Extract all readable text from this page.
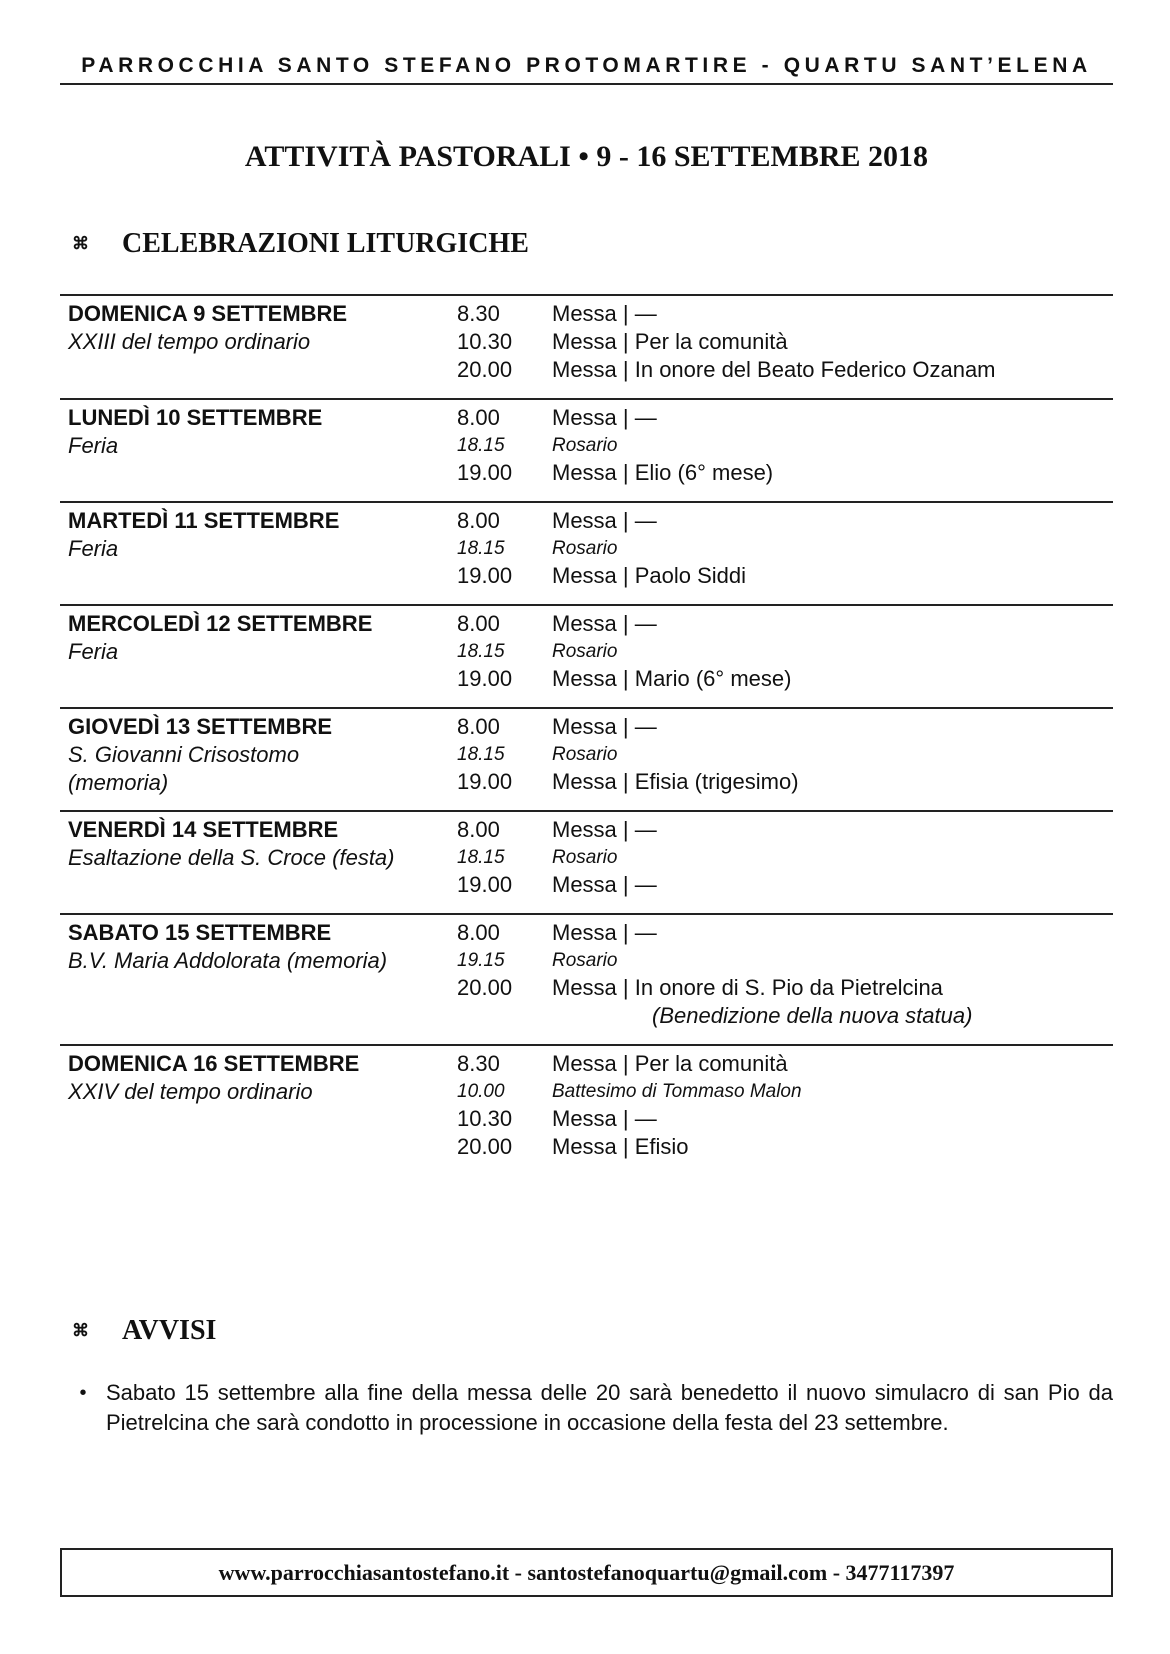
PARROCCHIA SANTO STEFANO PROTOMARTIRE - QUARTU SANT’ELENA
ATTIVITÀ PASTORALI • 9 - 16 SETTEMBRE 2018
⌘ CELEBRAZIONI LITURGICHE
DOMENICA 9 SETTEMBRE
XXIII del tempo ordinario
8.30	Messa | —
10.30	Messa | Per la comunità
20.00	Messa | In onore del Beato Federico Ozanam
LUNEDÌ 10 SETTEMBRE
Feria
8.00	Messa | —
18.15	Rosario
19.00	Messa | Elio (6° mese)
MARTEDÌ 11 SETTEMBRE
Feria
8.00	Messa | —
18.15	Rosario
19.00	Messa | Paolo Siddi
MERCOLEDÌ 12 SETTEMBRE
Feria
8.00	Messa | —
18.15	Rosario
19.00	Messa | Mario (6° mese)
GIOVEDÌ 13 SETTEMBRE
S. Giovanni Crisostomo
(memoria)
8.00	Messa | —
18.15	Rosario
19.00	Messa | Efisia (trigesimo)
VENERDÌ 14 SETTEMBRE
Esaltazione della S. Croce (festa)
8.00	Messa | —
18.15	Rosario
19.00	Messa | —
SABATO 15 SETTEMBRE
B.V. Maria Addolorata (memoria)
8.00	Messa | —
19.15	Rosario
20.00	Messa | In onore di S. Pio da Pietrelcina
(Benedizione della nuova statua)
DOMENICA 16 SETTEMBRE
XXIV del tempo ordinario
8.30	Messa | Per la comunità
10.00	Battesimo di Tommaso Malon
10.30	Messa | —
20.00	Messa | Efisio
⌘ AVVISI
• Sabato 15 settembre alla fine della messa delle 20 sarà benedetto il nuovo simulacro di san Pio da Pietrelcina che sarà condotto in processione in occasione della festa del 23 settembre.
www.parrocchiasantostefano.it - santostefanoquartu@gmail.com - 3477117397
